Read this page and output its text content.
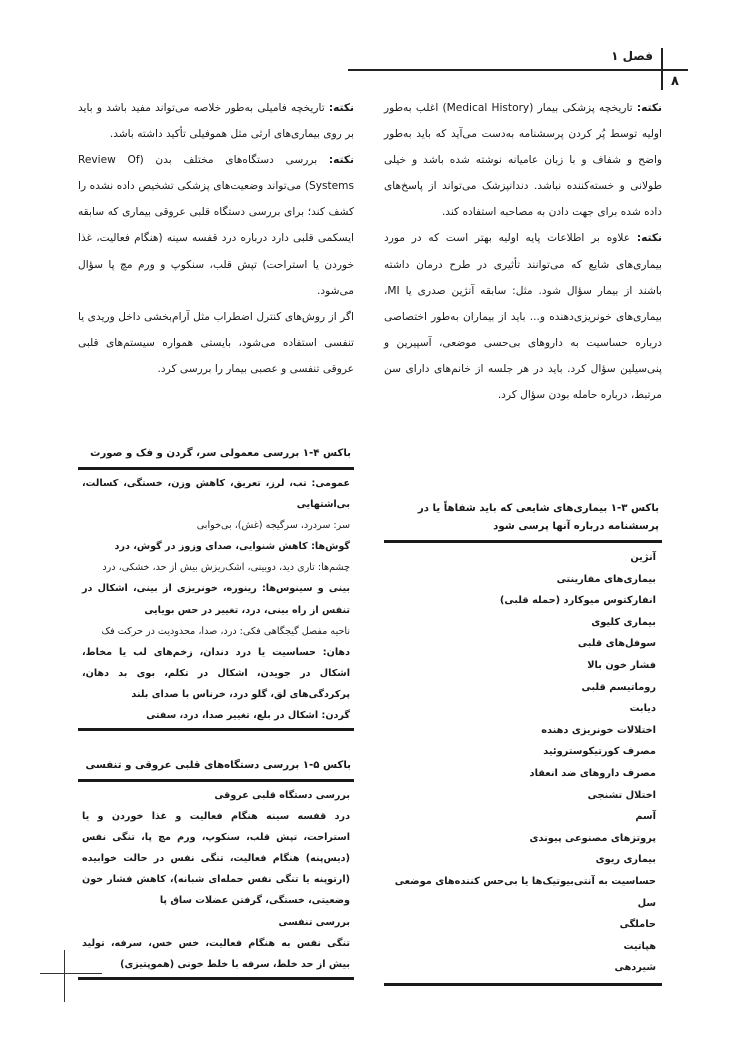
فصل ۱
۸

نکته: تاریخچه پزشکی بیمار (Medical History) اغلب به‌طور اولیه توسط پُر کردن پرسشنامه به‌دست می‌آید که باید به‌طور واضح و شفاف و با زبان عامیانه نوشته شده باشد و خیلی طولانی و خسته‌کننده نباشد. دندانپزشک می‌تواند از پاسخ‌های داده شده برای جهت دادن به مصاحبه استفاده کند.

نکته: علاوه بر اطلاعات پایه اولیه بهتر است که در مورد بیماری‌های شایع که می‌توانند تأثیری در طرح درمان داشته باشند از بیمار سؤال شود. مثل: سابقه آنژین صدری یا MI، بیماری‌های خونریزی‌دهنده و... باید از بیماران به‌طور اختصاصی درباره حساسیت به داروهای بی‌حسی موضعی، آسپیرین و پنی‌سیلین سؤال کرد. باید در هر جلسه از خانم‌های دارای سن مرتبط، درباره حامله بودن سؤال کرد.

نکته: تاریخچه فامیلی به‌طور خلاصه می‌تواند مفید باشد و باید بر روی بیماری‌های ارثی مثل هموفیلی تأکید داشته باشد.

نکته: بررسی دستگاه‌های مختلف بدن (Review Of Systems) می‌تواند وضعیت‌های پزشکی تشخیص داده نشده را کشف کند؛ برای بررسی دستگاه قلبی عروقی بیماری که سابقه ایسکمی قلبی دارد درباره درد قفسه سینه (هنگام فعالیت، غذا خوردن یا استراحت) تپش قلب، سنکوپ و ورم مچ پا سؤال می‌شود.

اگر از روش‌های کنترل اضطراب مثل آرام‌بخشی داخل وریدی یا تنفسی استفاده می‌شود، بایستی همواره سیستم‌های قلبی عروقی تنفسی و عصبی بیمار را بررسی کرد.

باکس ۳-۱ بیماری‌های شایعی که باید شفاهاً یا در پرسشنامه درباره آنها پرسی شود
آنژین
بیماری‌های مفارینتی
انفارکتوس میوکارد (حمله قلبی)
بیماری کلیوی
سوفل‌های قلبی
فشار خون بالا
روماتیسم قلبی
دیابت
اختلالات خونریزی دهنده
مصرف کورتیکوستروئید
مصرف داروهای ضد انعقاد
اختلال تشنجی
آسم
پروتزهای مصنوعی پیوندی
بیماری ریوی
حساسیت به آنتی‌بیوتیک‌ها یا بی‌حس کننده‌های موضعی
سل
حاملگی
هپاتیت
شیردهی
باکس ۴-۱ بررسی معمولی سر، گردن و فک و صورت

عمومی: تب، لرز، تعریق، کاهش وزن، خستگی، کسالت، بی‌اشتهایی

سر: سردرد، سرگیجه (غش)، بی‌خوابی

گوش‌ها: کاهش شنوایی، صدای وزوز در گوش، درد

چشم‌ها: تاری دید، دوبینی، اشک‌ریزش بیش از حد، خشکی، درد

بینی و سینوس‌ها: رینوره، خونریزی از بینی، اشکال در تنفس از راه بینی، درد، تغییر در حس بویایی

ناحیه مفصل گیجگاهی فکی: درد، صدا، محدودیت در حرکت فک

دهان: حساسیت یا درد دندان، زخم‌های لب یا مخاط، اشکال در جویدن، اشکال در تکلم، بوی بد دهان، پرکردگی‌های لق، گلو درد، خرناس با صدای بلند

گردن: اشکال در بلع، تغییر صدا، درد، سفتی

باکس ۵-۱ بررسی دستگاه‌های قلبی عروقی و تنفسی

بررسی دستگاه قلبی عروقی

درد قفسه سینه هنگام فعالیت و غذا خوردن و یا استراحت، تپش قلب، سنکوپ، ورم مچ پا، تنگی نفس (دیس‌پنه) هنگام فعالیت، تنگی نفس در حالت خوابیده (ارتوپنه یا تنگی نفس حمله‌ای شبانه)، کاهش فشار خون وضعیتی، خستگی، گرفتن عضلات ساق پا

بررسی تنفسی

تنگی نفس به هنگام فعالیت، خس خس، سرفه، تولید بیش از حد خلط، سرفه با خلط خونی (هموپتیزی)
